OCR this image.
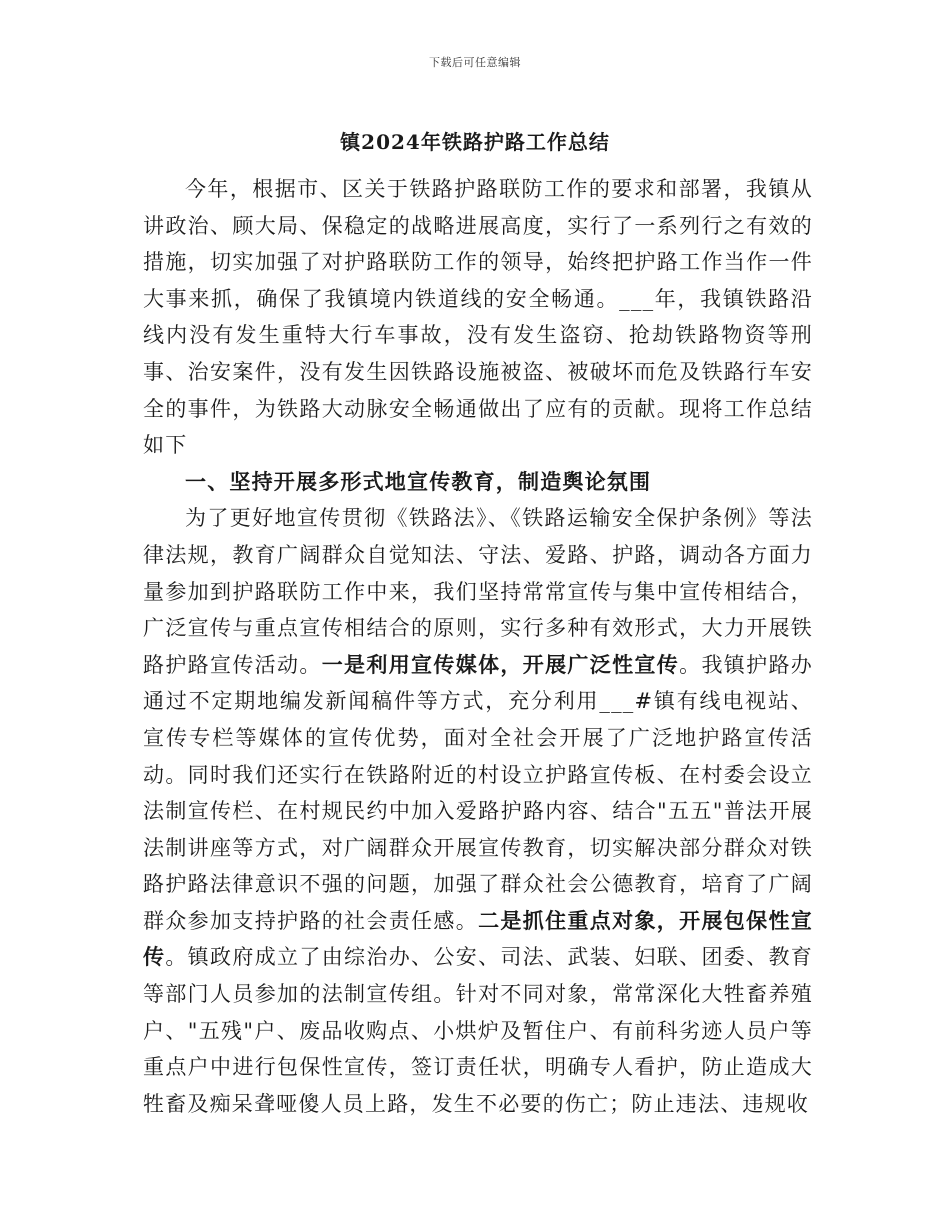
下载后可任意编辑
镇2024年铁路护路工作总结

今年，根据市、区关于铁路护路联防工作的要求和部署，我镇从讲政治、顾大局、保稳定的战略进展高度，实行了一系列行之有效的措施，切实加强了对护路联防工作的领导，始终把护路工作当作一件大事来抓，确保了我镇境内铁道线的安全畅通。___年，我镇铁路沿线内没有发生重特大行车事故，没有发生盗窃、抢劫铁路物资等刑事、治安案件，没有发生因铁路设施被盗、被破坏而危及铁路行车安全的事件，为铁路大动脉安全畅通做出了应有的贡献。现将工作总结如下

一、坚持开展多形式地宣传教育，制造舆论氛围

为了更好地宣传贯彻《铁路法》、《铁路运输安全保护条例》等法律法规，教育广阔群众自觉知法、守法、爱路、护路，调动各方面力量参加到护路联防工作中来，我们坚持常常宣传与集中宣传相结合，广泛宣传与重点宣传相结合的原则，实行多种有效形式，大力开展铁路护路宣传活动。一是利用宣传媒体，开展广泛性宣传。我镇护路办通过不定期地编发新闻稿件等方式，充分利用___#镇有线电视站、宣传专栏等媒体的宣传优势，面对全社会开展了广泛地护路宣传活动。同时我们还实行在铁路附近的村设立护路宣传板、在村委会设立法制宣传栏、在村规民约中加入爱路护路内容、结合"五五"普法开展法制讲座等方式，对广阔群众开展宣传教育，切实解决部分群众对铁路护路法律意识不强的问题，加强了群众社会公德教育，培育了广阔群众参加支持护路的社会责任感。二是抓住重点对象，开展包保性宣传。镇政府成立了由综治办、公安、司法、武装、妇联、团委、教育等部门人员参加的法制宣传组。针对不同对象，常常深化大牲畜养殖户、"五残"户、废品收购点、小烘炉及暂住户、有前科劣迹人员户等重点户中进行包保性宣传，签订责任状，明确专人看护，防止造成大牲畜及痴呆聋哑傻人员上路，发生不必要的伤亡；防止违法、违规收
